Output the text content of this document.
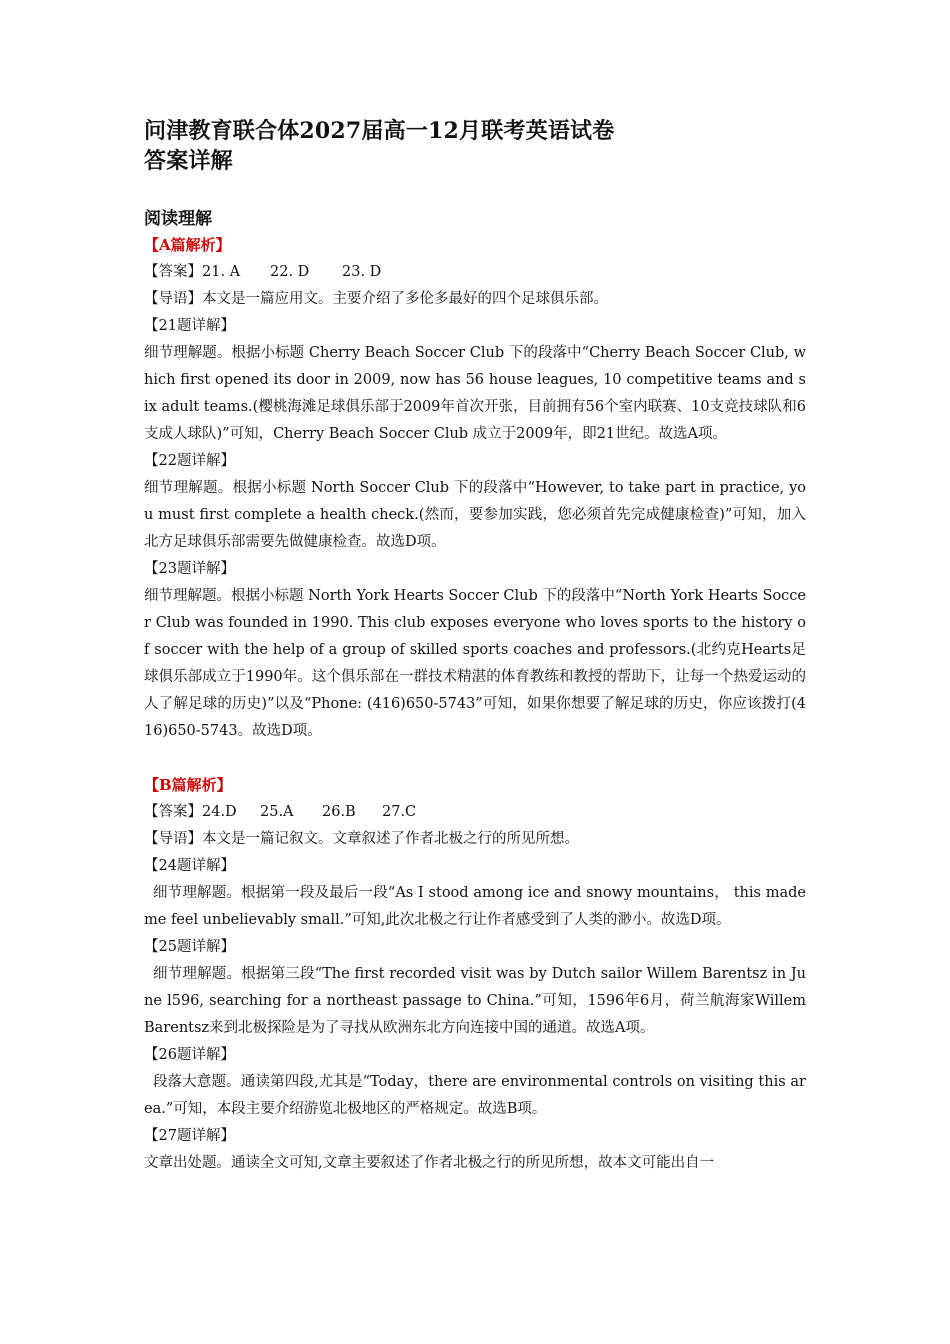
问津教育联合体2027届高一12月联考英语试卷
答案详解
阅读理解
【A篇解析】
【答案】21. A 22. D 23. D
【导语】本文是一篇应用文。主要介绍了多伦多最好的四个足球俱乐部。
【21题详解】
细节理解题。根据小标题 Cherry Beach Soccer Club 下的段落中“Cherry Beach Soccer Club, which first opened its door in 2009, now has 56 house leagues, 10 competitive teams and six adult teams.(樱桃海滩足球俱乐部于2009年首次开张，目前拥有56个室内联赛、10支竞技球队和6支成人球队)”可知，Cherry Beach Soccer Club 成立于2009年，即21世纪。故选A项。
【22题详解】
细节理解题。根据小标题 North Soccer Club 下的段落中“However, to take part in practice, you must first complete a health check.(然而，要参加实践，您必须首先完成健康检查)”可知，加入北方足球俱乐部需要先做健康检查。故选D项。
【23题详解】
细节理解题。根据小标题 North York Hearts Soccer Club 下的段落中“North York Hearts Soccer Club was founded in 1990. This club exposes everyone who loves sports to the history of soccer with the help of a group of skilled sports coaches and professors.(北约克Hearts足球俱乐部成立于1990年。这个俱乐部在一群技术精湛的体育教练和教授的帮助下，让每一个热爱运动的人了解足球的历史)”以及“Phone: (416)650-5743”可知，如果你想要了解足球的历史，你应该拨打(416)650-5743。故选D项。
【B篇解析】
【答案】24.D 25.A 26.B 27.C
【导语】本文是一篇记叙文。文章叙述了作者北极之行的所见所想。
【24题详解】
细节理解题。根据第一段及最后一段“As I stood among ice and snowy mountains， this made me feel unbelievably small.”可知,此次北极之行让作者感受到了人类的渺小。故选D项。
【25题详解】
细节理解题。根据第三段“The first recorded visit was by Dutch sailor Willem Barentsz in June l596, searching for a northeast passage to China.”可知，1596年6月，荷兰航海家Willem Barentsz来到北极探险是为了寻找从欧洲东北方向连接中国的通道。故选A项。
【26题详解】
段落大意题。通读第四段,尤其是“Today，there are environmental controls on visiting this area.”可知，本段主要介绍游览北极地区的严格规定。故选B项。
【27题详解】
文章出处题。通读全文可知,文章主要叙述了作者北极之行的所见所想，故本文可能出自一
